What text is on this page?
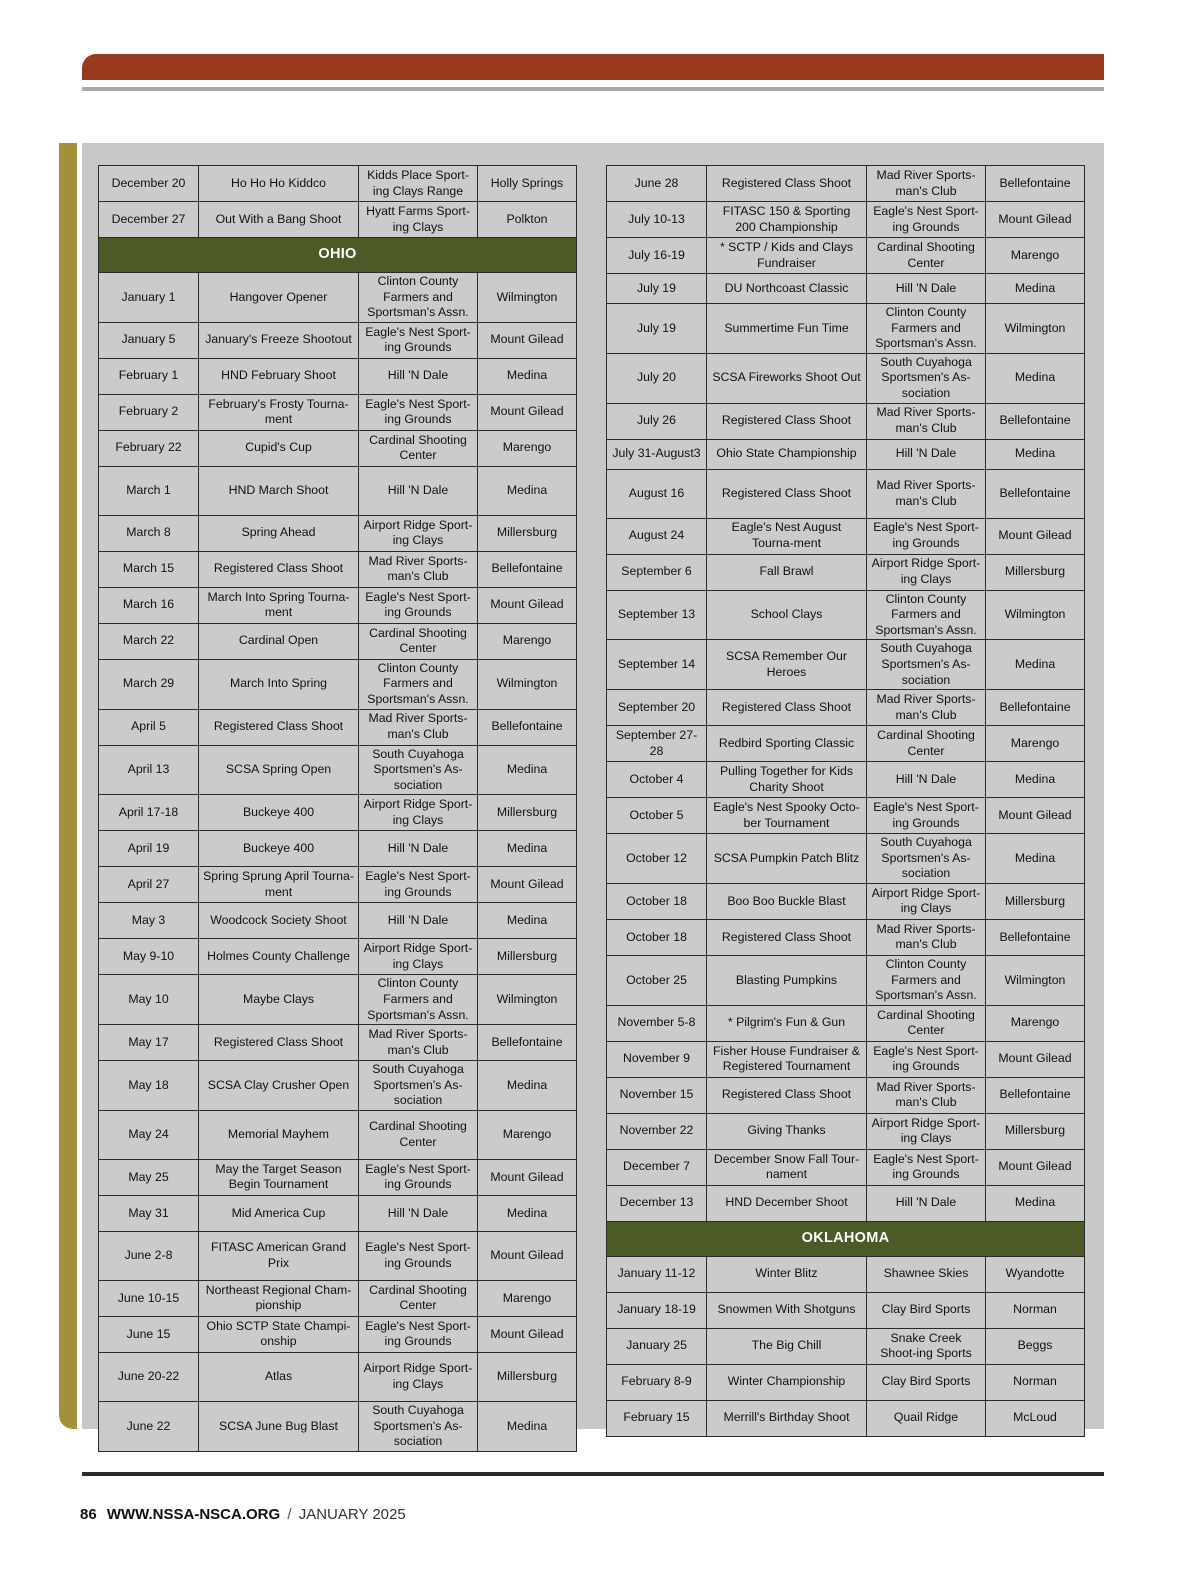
December 20	Ho Ho Ho Kiddco	Kidds Place Sport-ing Clays Range	Holly Springs
December 27	Out With a Bang Shoot	Hyatt Farms Sport-ing Clays	Polkton
OHIO			
January 1	Hangover Opener	Clinton County Farmers and Sportsman's Assn.	Wilmington
January 5	January's Freeze Shootout	Eagle's Nest Sport-ing Grounds	Mount Gilead
February 1	HND February Shoot	Hill 'N Dale	Medina
February 2	February's Frosty Tourna-ment	Eagle's Nest Sport-ing Grounds	Mount Gilead
February 22	Cupid's Cup	Cardinal Shooting Center	Marengo
March 1	HND March Shoot	Hill 'N Dale	Medina
March 8	Spring Ahead	Airport Ridge Sport-ing Clays	Millersburg
March 15	Registered Class Shoot	Mad River Sports-man's Club	Bellefontaine
March 16	March Into Spring Tourna-ment	Eagle's Nest Sport-ing Grounds	Mount Gilead
March 22	Cardinal Open	Cardinal Shooting Center	Marengo
March 29	March Into Spring	Clinton County Farmers and Sportsman's Assn.	Wilmington
April 5	Registered Class Shoot	Mad River Sports-man's Club	Bellefontaine
April 13	SCSA Spring Open	South Cuyahoga Sportsmen's As-sociation	Medina
April 17-18	Buckeye 400	Airport Ridge Sport-ing Clays	Millersburg
April 19	Buckeye 400	Hill 'N Dale	Medina
April 27	Spring Sprung April Tourna-ment	Eagle's Nest Sport-ing Grounds	Mount Gilead
May 3	Woodcock Society Shoot	Hill 'N Dale	Medina
May 9-10	Holmes County Challenge	Airport Ridge Sport-ing Clays	Millersburg
May 10	Maybe Clays	Clinton County Farmers and Sportsman's Assn.	Wilmington
May 17	Registered Class Shoot	Mad River Sports-man's Club	Bellefontaine
May 18	SCSA Clay Crusher Open	South Cuyahoga Sportsmen's As-sociation	Medina
May 24	Memorial Mayhem	Cardinal Shooting Center	Marengo
May 25	May the Target Season Begin Tournament	Eagle's Nest Sport-ing Grounds	Mount Gilead
May 31	Mid America Cup	Hill 'N Dale	Medina
June 2-8	FITASC American Grand Prix	Eagle's Nest Sport-ing Grounds	Mount Gilead
June 10-15	Northeast Regional Cham-pionship	Cardinal Shooting Center	Marengo
June 15	Ohio SCTP State Champi-onship	Eagle's Nest Sport-ing Grounds	Mount Gilead
June 20-22	Atlas	Airport Ridge Sport-ing Clays	Millersburg
June 22	SCSA June Bug Blast	South Cuyahoga Sportsmen's As-sociation	Medina
June 28	Registered Class Shoot	Mad River Sports-man's Club	Bellefontaine
July 10-13	FITASC 150 & Sporting 200 Championship	Eagle's Nest Sport-ing Grounds	Mount Gilead
July 16-19	* SCTP / Kids and Clays Fundraiser	Cardinal Shooting Center	Marengo
July 19	DU Northcoast Classic	Hill 'N Dale	Medina
July 19	Summertime Fun Time	Clinton County Farmers and Sportsman's Assn.	Wilmington
July 20	SCSA Fireworks Shoot Out	South Cuyahoga Sportsmen's As-sociation	Medina
July 26	Registered Class Shoot	Mad River Sports-man's Club	Bellefontaine
July 31-August3	Ohio State Championship	Hill 'N Dale	Medina
August 16	Registered Class Shoot	Mad River Sports-man's Club	Bellefontaine
August 24	Eagle's Nest August Tourna-ment	Eagle's Nest Sport-ing Grounds	Mount Gilead
September 6	Fall Brawl	Airport Ridge Sport-ing Clays	Millersburg
September 13	School Clays	Clinton County Farmers and Sportsman's Assn.	Wilmington
September 14	SCSA Remember Our Heroes	South Cuyahoga Sportsmen's As-sociation	Medina
September 20	Registered Class Shoot	Mad River Sports-man's Club	Bellefontaine
September 27-28	Redbird Sporting Classic	Cardinal Shooting Center	Marengo
October 4	Pulling Together for Kids Charity Shoot	Hill 'N Dale	Medina
October 5	Eagle's Nest Spooky Octo-ber Tournament	Eagle's Nest Sport-ing Grounds	Mount Gilead
October 12	SCSA Pumpkin Patch Blitz	South Cuyahoga Sportsmen's As-sociation	Medina
October 18	Boo Boo Buckle Blast	Airport Ridge Sport-ing Clays	Millersburg
October 18	Registered Class Shoot	Mad River Sports-man's Club	Bellefontaine
October 25	Blasting Pumpkins	Clinton County Farmers and Sportsman's Assn.	Wilmington
November 5-8	* Pilgrim's Fun & Gun	Cardinal Shooting Center	Marengo
November 9	Fisher House Fundraiser & Registered Tournament	Eagle's Nest Sport-ing Grounds	Mount Gilead
November 15	Registered Class Shoot	Mad River Sports-man's Club	Bellefontaine
November 22	Giving Thanks	Airport Ridge Sport-ing Clays	Millersburg
December 7	December Snow Fall Tour-nament	Eagle's Nest Sport-ing Grounds	Mount Gilead
December 13	HND December Shoot	Hill 'N Dale	Medina
OKLAHOMA			
January 11-12	Winter Blitz	Shawnee Skies	Wyandotte
January 18-19	Snowmen With Shotguns	Clay Bird Sports	Norman
January 25	The Big Chill	Snake Creek Shoot-ing Sports	Beggs
February 8-9	Winter Championship	Clay Bird Sports	Norman
February 15	Merrill's Birthday Shoot	Quail Ridge	McLoud
86 WWW.NSSA-NSCA.ORG / JANUARY 2025
